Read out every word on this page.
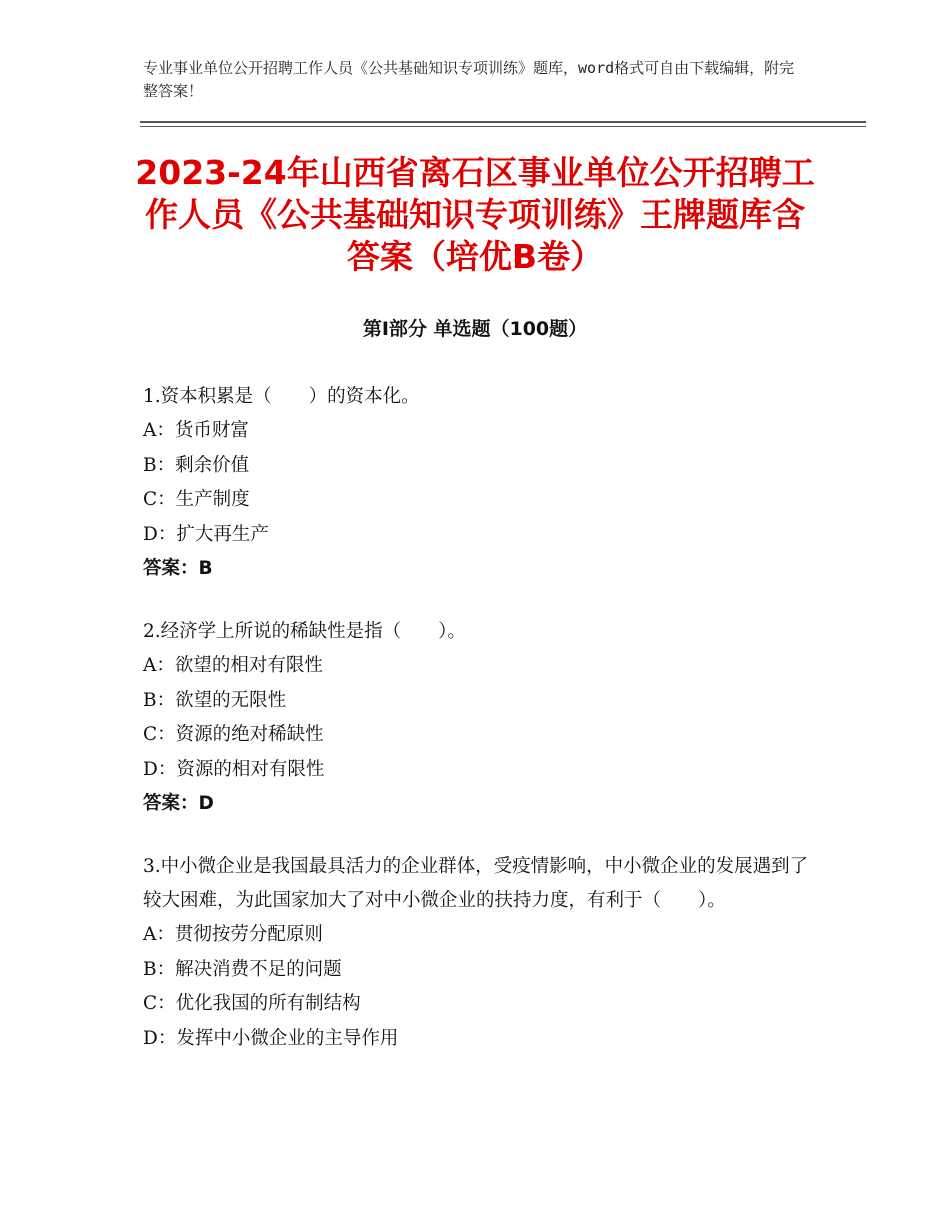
专业事业单位公开招聘工作人员《公共基础知识专项训练》题库，word格式可自由下载编辑，附完整答案！
2023-24年山西省离石区事业单位公开招聘工作人员《公共基础知识专项训练》王牌题库含答案（培优B卷）
第Ⅰ部分 单选题（100题）

1.资本积累是（　　）的资本化。

A：货币财富
B：剩余价值
C：生产制度
D：扩大再生产
答案：B

2.经济学上所说的稀缺性是指（　　）。

A：欲望的相对有限性
B：欲望的无限性
C：资源的绝对稀缺性
D：资源的相对有限性
答案：D

3.中小微企业是我国最具活力的企业群体，受疫情影响，中小微企业的发展遇到了较大困难，为此国家加大了对中小微企业的扶持力度，有利于（　　）。

A：贯彻按劳分配原则
B：解决消费不足的问题
C：优化我国的所有制结构
D：发挥中小微企业的主导作用
